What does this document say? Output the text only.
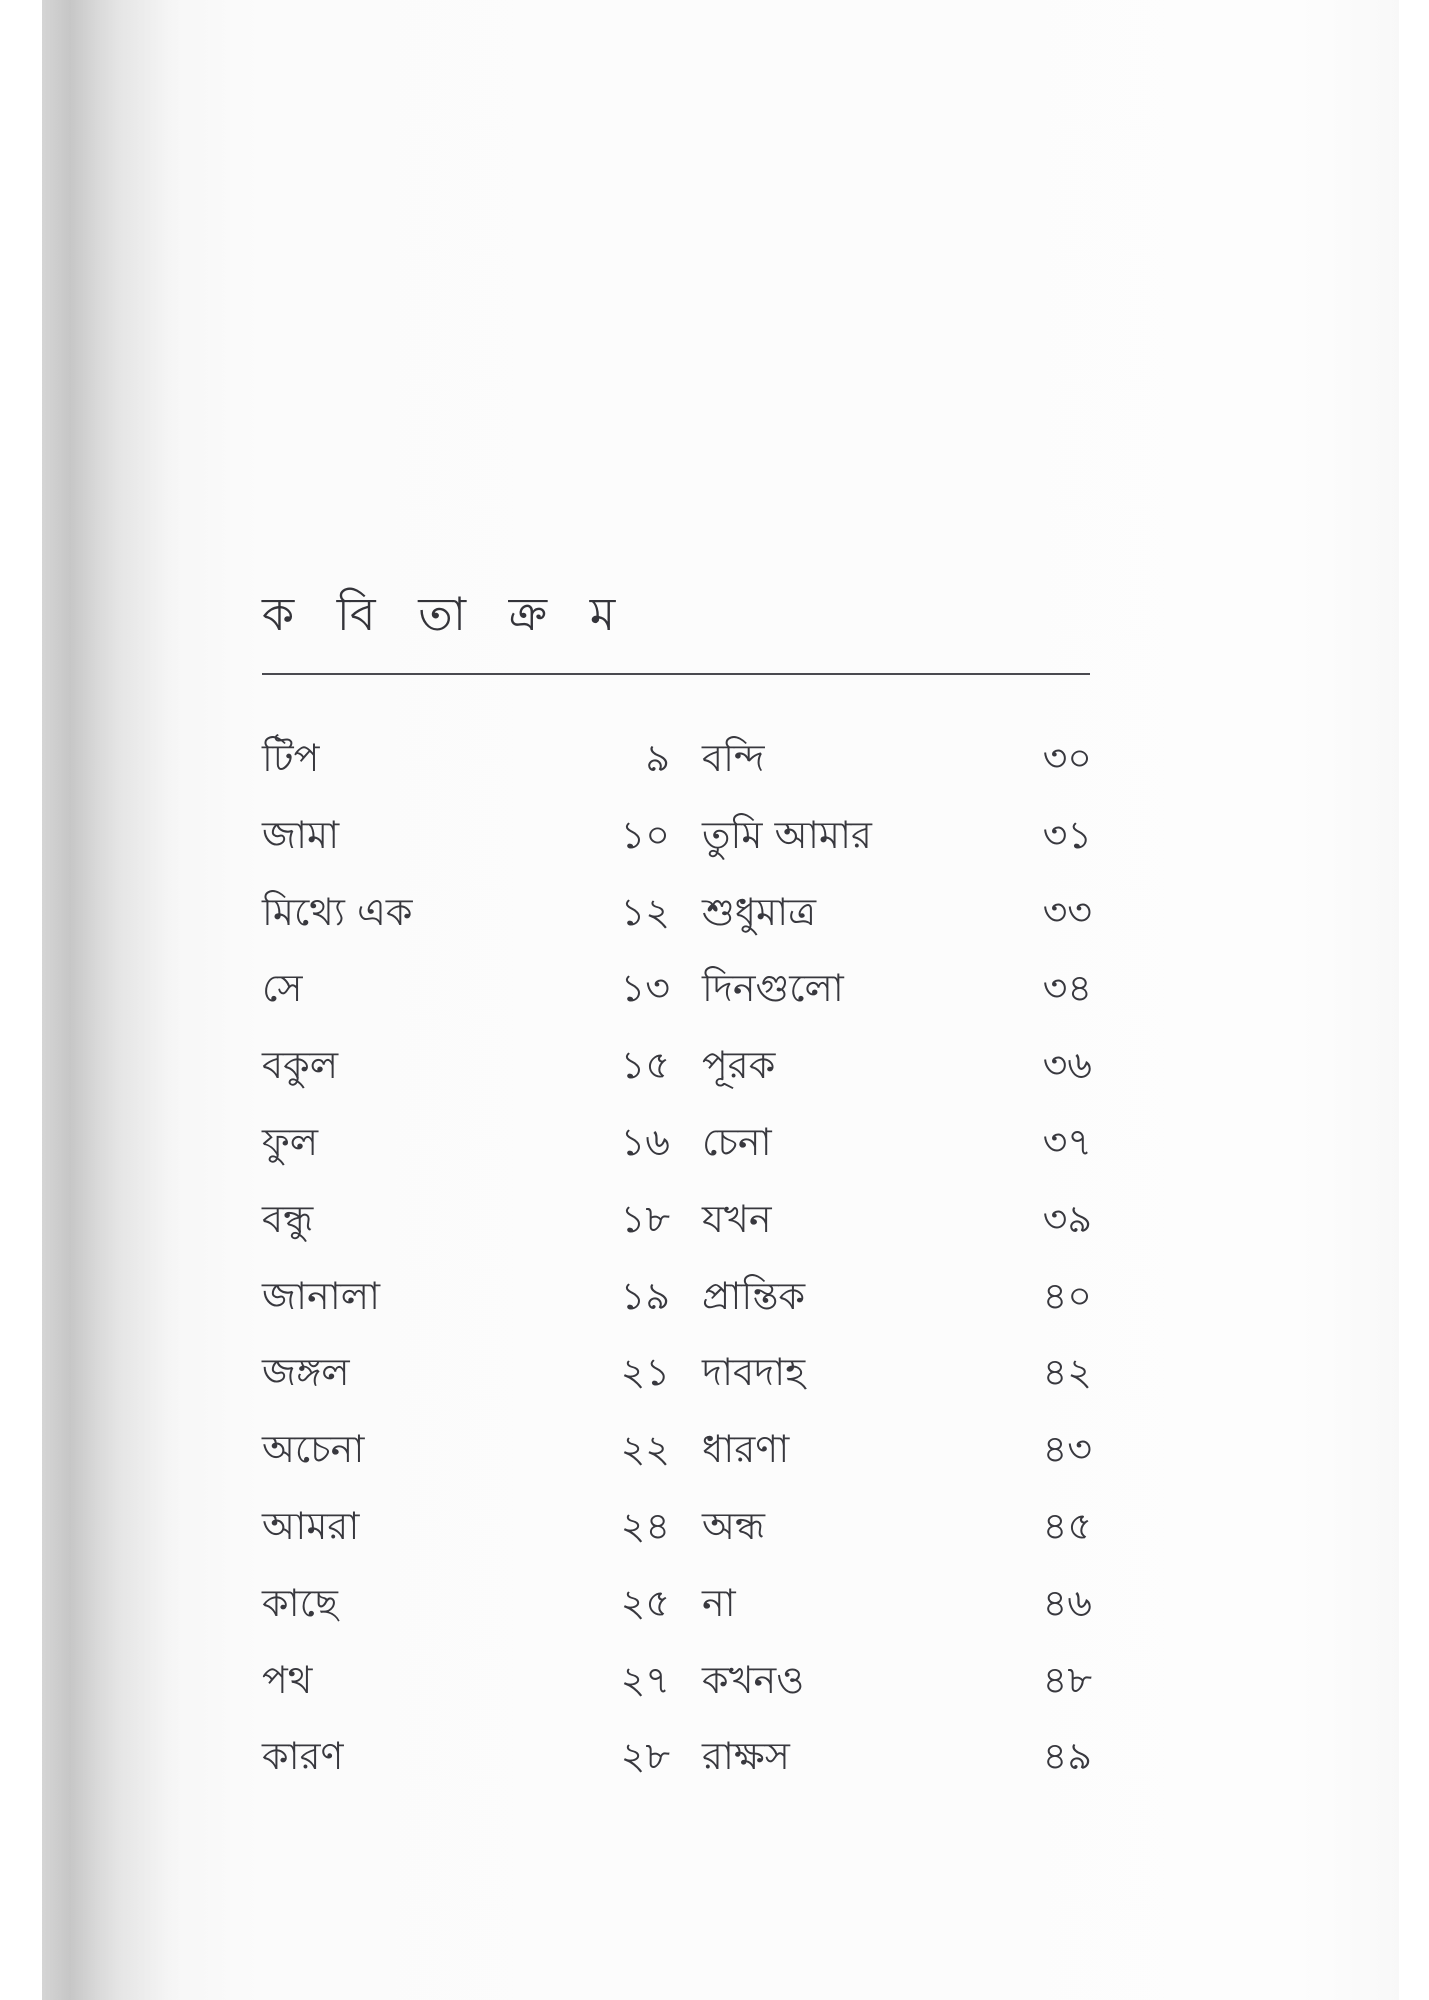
ক বি তা ক্র ম
টিপ	৯ বন্দি	৩০
জামা	১০ তুমি আমার	৩১
মিথ্যে এক	১২ শুধুমাত্র	৩৩
সে	১৩ দিনগুলো	৩৪
বকুল	১৫ পূরক	৩৬
ফুল	১৬ চেনা	৩৭
বন্ধু	১৮ যখন	৩৯
জানালা	১৯ প্রান্তিক	৪০
জঙ্গল	২১ দাবদাহ	৪২
অচেনা	২২ ধারণা	৪৩
আমরা	২৪ অন্ধ	৪৫
কাছে	২৫ না	৪৬
পথ	২৭ কখনও	৪৮
কারণ	২৮ রাক্ষস	৪৯
